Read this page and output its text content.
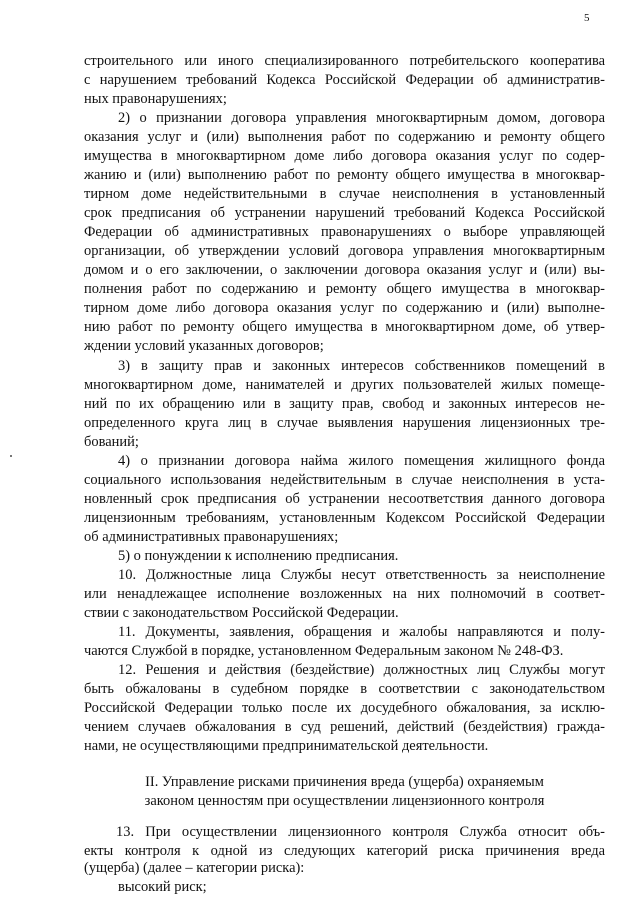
5
строительного или иного специализированного потребительского кооператива
с нарушением требований Кодекса Российской Федерации об административ-
ных правонарушениях;
2) о признании договора управления многоквартирным домом, договора
оказания услуг и (или) выполнения работ по содержанию и ремонту общего
имущества в многоквартирном доме либо договора оказания услуг по содер-
жанию и (или) выполнению работ по ремонту общего имущества в многоквар-
тирном доме недействительными в случае неисполнения в установленный
срок предписания об устранении нарушений требований Кодекса Российской
Федерации об административных правонарушениях о выборе управляющей
организации, об утверждении условий договора управления многоквартирным
домом и о его заключении, о заключении договора оказания услуг и (или) вы-
полнения работ по содержанию и ремонту общего имущества в многоквар-
тирном доме либо договора оказания услуг по содержанию и (или) выполне-
нию работ по ремонту общего имущества в многоквартирном доме, об утвер-
ждении условий указанных договоров;
3) в защиту прав и законных интересов собственников помещений в
многоквартирном доме, нанимателей и других пользователей жилых помеще-
ний по их обращению или в защиту прав, свобод и законных интересов не-
определенного круга лиц в случае выявления нарушения лицензионных тре-
бований;
4) о признании договора найма жилого помещения жилищного фонда
социального использования недействительным в случае неисполнения в уста-
новленный срок предписания об устранении несоответствия данного договора
лицензионным требованиям, установленным Кодексом Российской Федерации
об административных правонарушениях;
5) о понуждении к исполнению предписания.
10. Должностные лица Службы несут ответственность за неисполнение
или ненадлежащее исполнение возложенных на них полномочий в соответ-
ствии с законодательством Российской Федерации.
11. Документы, заявления, обращения и жалобы направляются и полу-
чаются Службой в порядке, установленном Федеральным законом № 248-ФЗ.
12. Решения и действия (бездействие) должностных лиц Службы могут
быть обжалованы в судебном порядке в соответствии с законодательством
Российской Федерации только после их досудебного обжалования, за исклю-
чением случаев обжалования в суд решений, действий (бездействия) гражда-
нами, не осуществляющими предпринимательской деятельности.
II. Управление рисками причинения вреда (ущерба) охраняемым
законом ценностям при осуществлении лицензионного контроля
13. При осуществлении лицензионного контроля Служба относит объ-
екты контроля к одной из следующих категорий риска причинения вреда
(ущерба) (далее – категории риска):
высокий риск;
